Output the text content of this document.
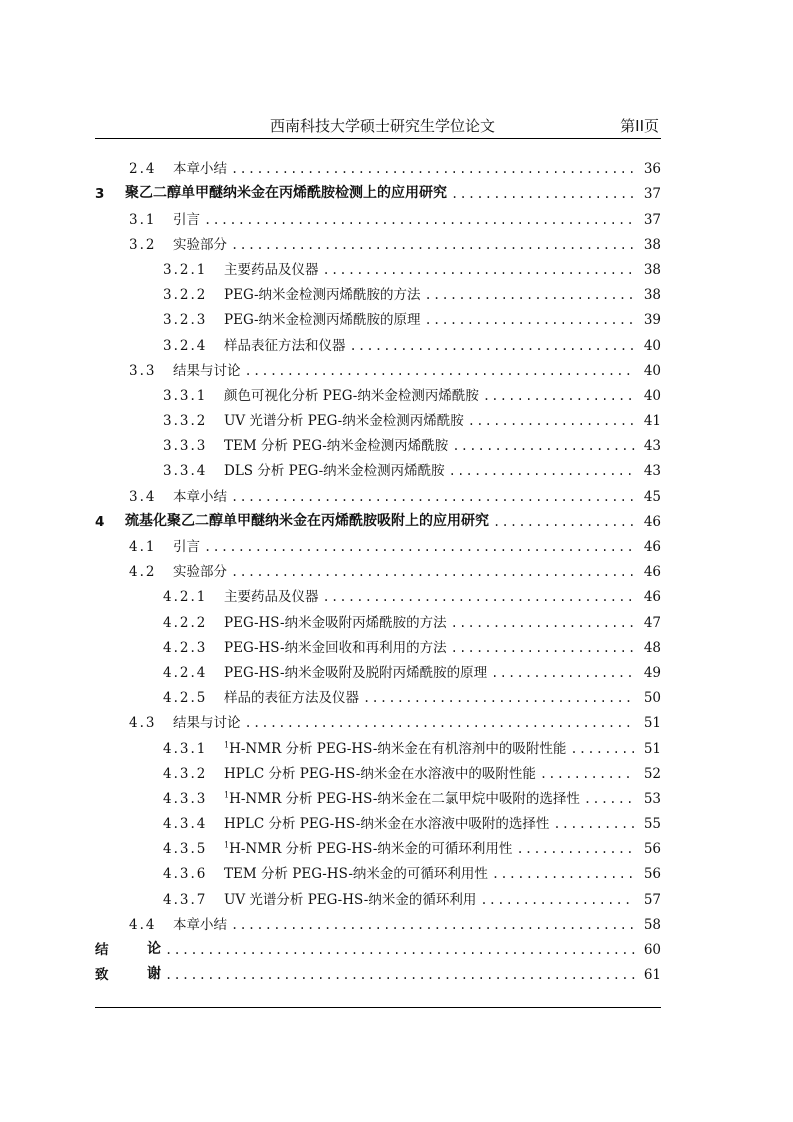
西南科技大学硕士研究生学位论文	第II页
2.4	本章小结 . . .	36
3	聚乙二醇单甲醚纳米金在丙烯酰胺检测上的应用研究 . . .	37
3.1	引言 . . .	37
3.2	实验部分 . . .	38
3.2.1	主要药品及仪器 . . .	38
3.2.2	PEG-纳米金检测丙烯酰胺的方法 . . .	38
3.2.3	PEG-纳米金检测丙烯酰胺的原理 . . .	39
3.2.4	样品表征方法和仪器 . . .	40
3.3	结果与讨论 . . .	40
3.3.1	颜色可视化分析 PEG-纳米金检测丙烯酰胺 . . .	40
3.3.2	UV 光谱分析 PEG-纳米金检测丙烯酰胺 . . .	41
3.3.3	TEM 分析 PEG-纳米金检测丙烯酰胺 . . .	43
3.3.4	DLS 分析 PEG-纳米金检测丙烯酰胺 . . .	43
3.4	本章小结 . . .	45
4	巯基化聚乙二醇单甲醚纳米金在丙烯酰胺吸附上的应用研究 . . .	46
4.1	引言 . . .	46
4.2	实验部分 . . .	46
4.2.1	主要药品及仪器 . . .	46
4.2.2	PEG-HS-纳米金吸附丙烯酰胺的方法 . . .	47
4.2.3	PEG-HS-纳米金回收和再利用的方法 . . .	48
4.2.4	PEG-HS-纳米金吸附及脱附丙烯酰胺的原理 . . .	49
4.2.5	样品的表征方法及仪器 . . .	50
4.3	结果与讨论 . . .	51
4.3.1	$^1$H-NMR 分析 PEG-HS-纳米金在有机溶剂中的吸附性能 . . .	51
4.3.2	HPLC 分析 PEG-HS-纳米金在水溶液中的吸附性能 . . .	52
4.3.3	$^1$H-NMR 分析 PEG-HS-纳米金在二氯甲烷中吸附的选择性 . . .	53
4.3.4	HPLC 分析 PEG-HS-纳米金在水溶液中吸附的选择性 . . .	55
4.3.5	$^1$H-NMR 分析 PEG-HS-纳米金的可循环利用性 . . .	56
4.3.6	TEM 分析 PEG-HS-纳米金的可循环利用性 . . .	56
4.3.7	UV 光谱分析 PEG-HS-纳米金的循环利用 . . .	57
4.4	本章小结 . . .	58
结	论 . . .	60
致	谢 . . .	61
